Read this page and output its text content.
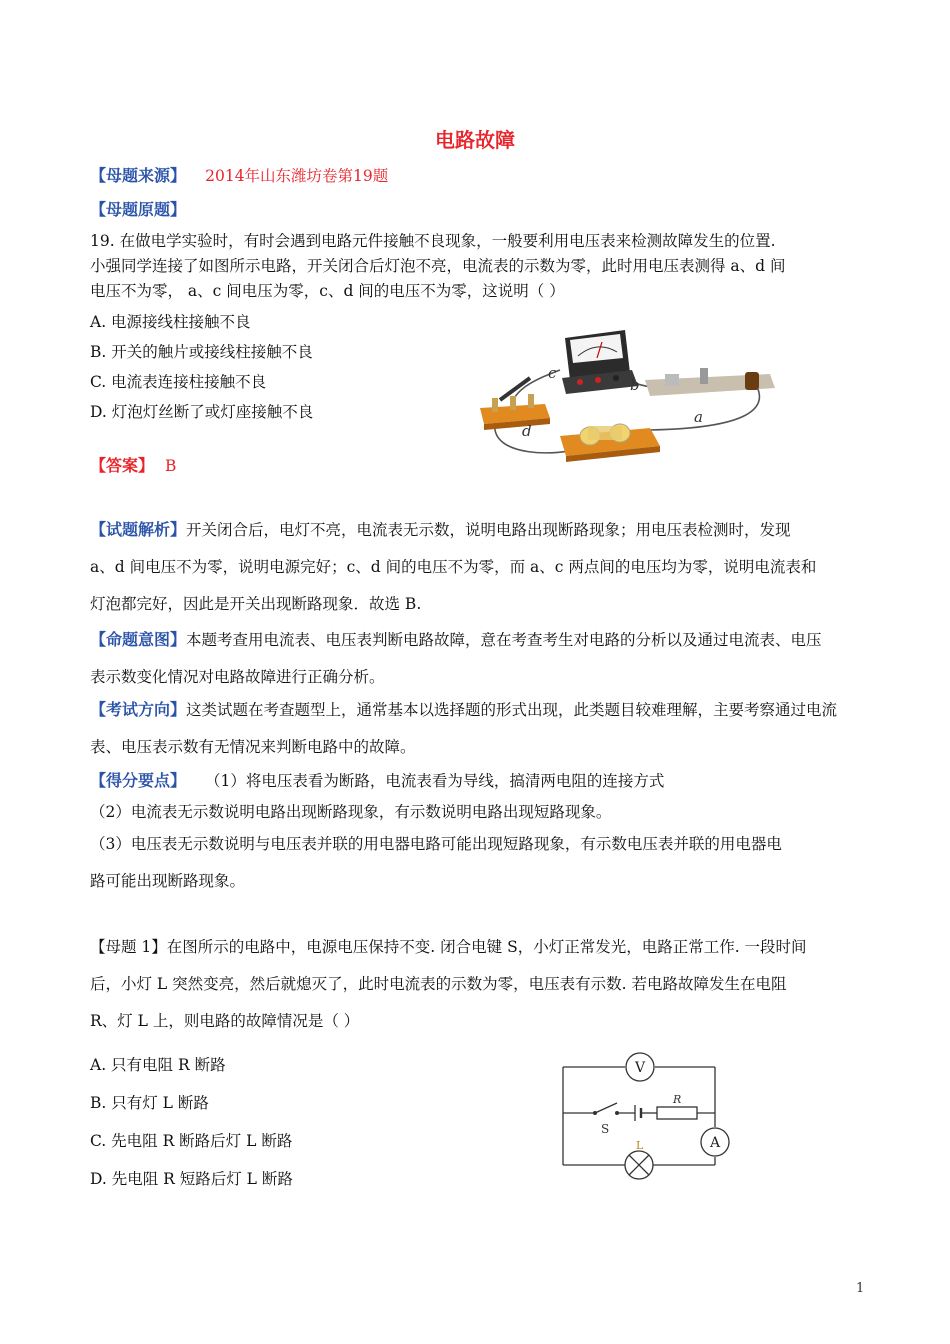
电路故障
【母题来源】 2014年山东潍坊卷第19题
【母题原题】
19. 在做电学实验时，有时会遇到电路元件接触不良现象，一般要利用电压表来检测故障发生的位置.
小强同学连接了如图所示电路，开关闭合后灯泡不亮，电流表的示数为零，此时用电压表测得 a、d 间
电压不为零， a、c 间电压为零，c、d 间的电压不为零，这说明（ ）
A. 电源接线柱接触不良
B. 开关的触片或接线柱接触不良
C. 电流表连接柱接触不良
D. 灯泡灯丝断了或灯座接触不良
c
b
a
d
【答案】 B
【试题解析】开关闭合后，电灯不亮，电流表无示数，说明电路出现断路现象；用电压表检测时，发现
a、d 间电压不为零，说明电源完好；c、d 间的电压不为零，而 a、c 两点间的电压均为零，说明电流表和
灯泡都完好，因此是开关出现断路现象．故选 B.
【命题意图】本题考查用电流表、电压表判断电路故障，意在考查考生对电路的分析以及通过电流表、电压
表示数变化情况对电路故障进行正确分析。
【考试方向】这类试题在考查题型上，通常基本以选择题的形式出现，此类题目较难理解，主要考察通过电流
表、电压表示数有无情况来判断电路中的故障。
【得分要点】 （1）将电压表看为断路，电流表看为导线，搞清两电阻的连接方式
（2）电流表无示数说明电路出现断路现象，有示数说明电路出现短路现象。
（3）电压表无示数说明与电压表并联的用电器电路可能出现短路现象，有示数电压表并联的用电器电
路可能出现断路现象。
【母题 1】在图所示的电路中，电源电压保持不变. 闭合电键 S，小灯正常发光，电路正常工作. 一段时间
后，小灯 L 突然变亮，然后就熄灭了，此时电流表的示数为零，电压表有示数. 若电路故障发生在电阻
R、灯 L 上，则电路的故障情况是（ ）
A. 只有电阻 R 断路
B. 只有灯 L 断路
C. 先电阻 R 断路后灯 L 断路
D. 先电阻 R 短路后灯 L 断路
V
A
S
R
L
1
